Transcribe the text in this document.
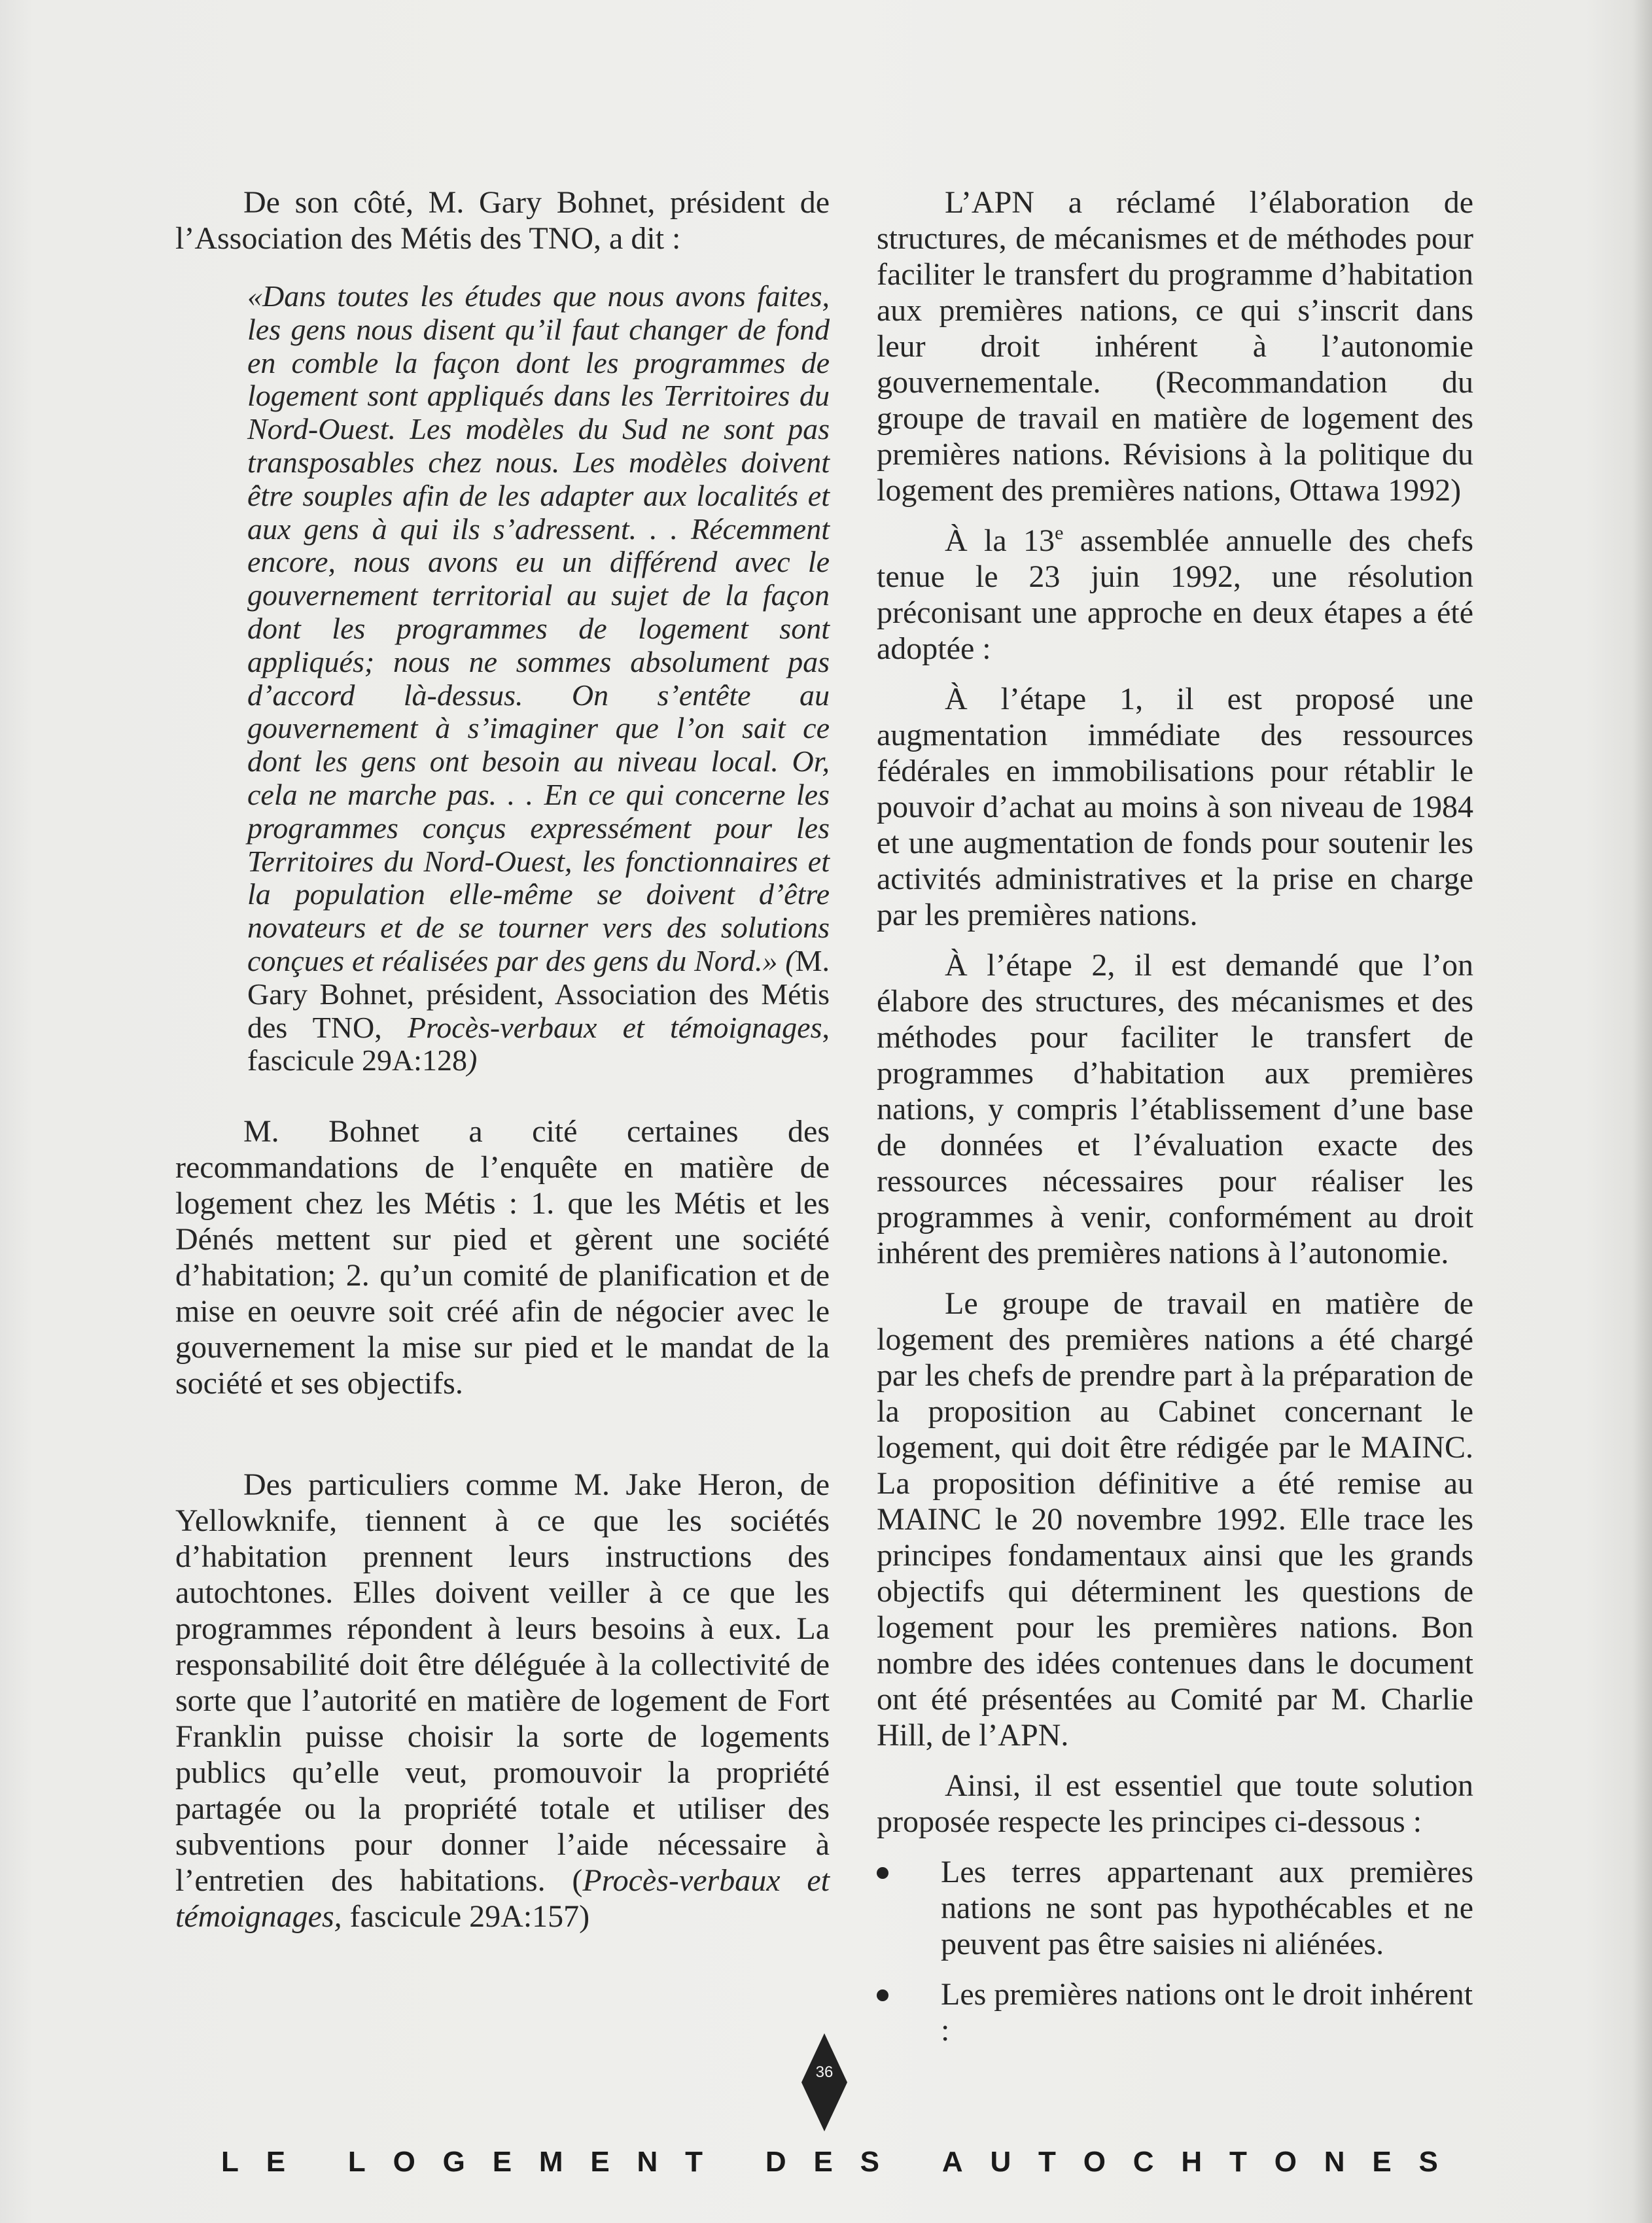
De son côté, M. Gary Bohnet, président de l’Association des Métis des TNO, a dit :

«Dans toutes les études que nous avons faites, les gens nous disent qu’il faut changer de fond en comble la façon dont les programmes de logement sont appliqués dans les Territoires du Nord-Ouest. Les modèles du Sud ne sont pas transposables chez nous. Les modèles doivent être souples afin de les adapter aux localités et aux gens à qui ils s’adressent. . . Récemment encore, nous avons eu un différend avec le gouvernement territorial au sujet de la façon dont les programmes de logement sont appliqués; nous ne sommes absolument pas d’accord là-dessus. On s’entête au gouvernement à s’imaginer que l’on sait ce dont les gens ont besoin au niveau local. Or, cela ne marche pas. . . En ce qui concerne les programmes conçus expressément pour les Territoires du Nord-Ouest, les fonctionnaires et la population elle-même se doivent d’être novateurs et de se tourner vers des solutions conçues et réalisées par des gens du Nord.» (M. Gary Bohnet, président, Association des Métis des TNO, Procès-verbaux et témoignages, fascicule 29A:128)

M. Bohnet a cité certaines des recommandations de l’enquête en matière de logement chez les Métis : 1. que les Métis et les Dénés mettent sur pied et gèrent une société d’habitation; 2. qu’un comité de planification et de mise en oeuvre soit créé afin de négocier avec le gouvernement la mise sur pied et le mandat de la société et ses objectifs.

Des particuliers comme M. Jake Heron, de Yellowknife, tiennent à ce que les sociétés d’habitation prennent leurs instructions des autochtones. Elles doivent veiller à ce que les programmes répondent à leurs besoins à eux. La responsabilité doit être déléguée à la collectivité de sorte que l’autorité en matière de logement de Fort Franklin puisse choisir la sorte de logements publics qu’elle veut, promouvoir la propriété partagée ou la propriété totale et utiliser des subventions pour donner l’aide nécessaire à l’entretien des habitations. (Procès-verbaux et témoignages, fascicule 29A:157)

L’APN a réclamé l’élaboration de structures, de mécanismes et de méthodes pour faciliter le transfert du programme d’habitation aux premières nations, ce qui s’inscrit dans leur droit inhérent à l’autonomie gouvernementale. (Recommandation du groupe de travail en matière de logement des premières nations. Révisions à la politique du logement des premières nations, Ottawa 1992)

À la 13e assemblée annuelle des chefs tenue le 23 juin 1992, une résolution préconisant une approche en deux étapes a été adoptée :

À l’étape 1, il est proposé une augmentation immédiate des ressources fédérales en immobilisations pour rétablir le pouvoir d’achat au moins à son niveau de 1984 et une augmentation de fonds pour soutenir les activités administratives et la prise en charge par les premières nations.

À l’étape 2, il est demandé que l’on élabore des structures, des mécanismes et des méthodes pour faciliter le transfert de programmes d’habitation aux premières nations, y compris l’établissement d’une base de données et l’évaluation exacte des ressources nécessaires pour réaliser les programmes à venir, conformément au droit inhérent des premières nations à l’autonomie.

Le groupe de travail en matière de logement des premières nations a été chargé par les chefs de prendre part à la préparation de la proposition au Cabinet concernant le logement, qui doit être rédigée par le MAINC. La proposition définitive a été remise au MAINC le 20 novembre 1992. Elle trace les principes fondamentaux ainsi que les grands objectifs qui déterminent les questions de logement pour les premières nations. Bon nombre des idées contenues dans le document ont été présentées au Comité par M. Charlie Hill, de l’APN.

Ainsi, il est essentiel que toute solution proposée respecte les principes ci-dessous :

Les terres appartenant aux premières nations ne sont pas hypothécables et ne peuvent pas être saisies ni aliénées.

Les premières nations ont le droit inhérent :

36
L E
L O G E M E N T
D E S
A U T O C H T O N E S
